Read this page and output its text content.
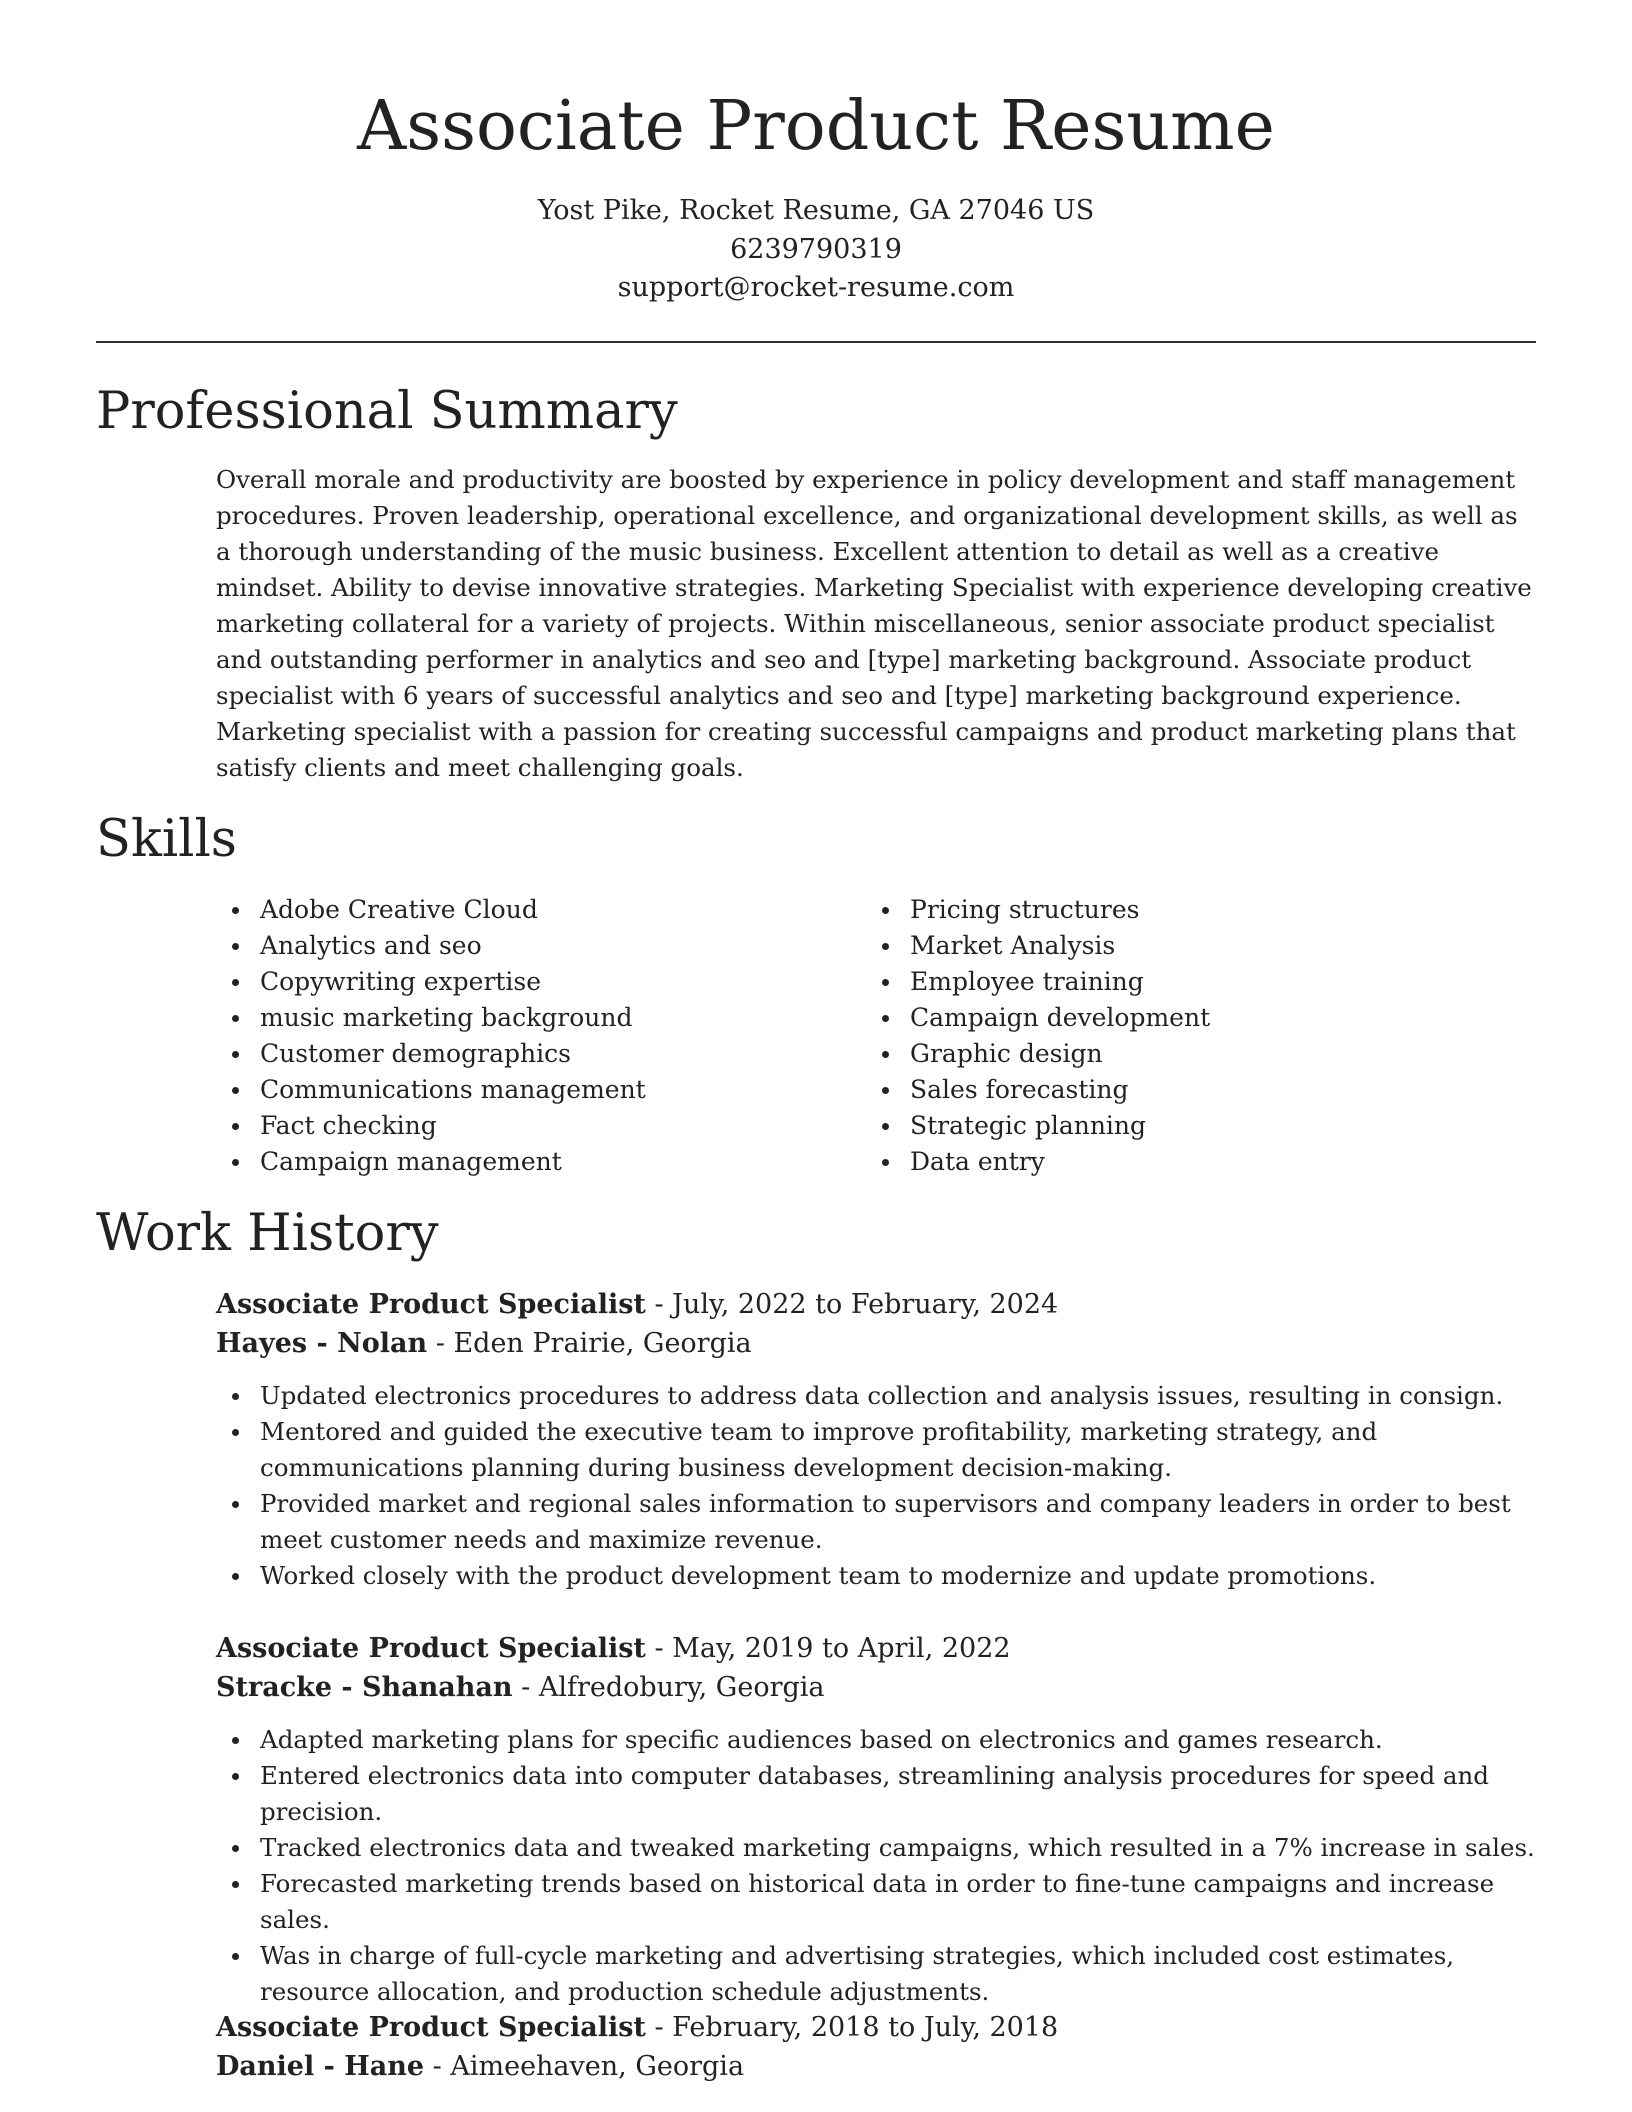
Associate Product Resume
Yost Pike, Rocket Resume, GA 27046 US
6239790319
support@rocket-resume.com
Professional Summary

Overall morale and productivity are boosted by experience in policy development and staff management procedures. Proven leadership, operational excellence, and organizational development skills, as well as a thorough understanding of the music business. Excellent attention to detail as well as a creative mindset. Ability to devise innovative strategies. Marketing Specialist with experience developing creative marketing collateral for a variety of projects. Within miscellaneous, senior associate product specialist and outstanding performer in analytics and seo and [type] marketing background. Associate product specialist with 6 years of successful analytics and seo and [type] marketing background experience. Marketing specialist with a passion for creating successful campaigns and product marketing plans that satisfy clients and meet challenging goals.

Skills
Adobe Creative Cloud
Analytics and seo
Copywriting expertise
music marketing background
Customer demographics
Communications management
Fact checking
Campaign management
Pricing structures
Market Analysis
Employee training
Campaign development
Graphic design
Sales forecasting
Strategic planning
Data entry
Work History
Associate Product Specialist - July, 2022 to February, 2024
Hayes - Nolan - Eden Prairie, Georgia
Updated electronics procedures to address data collection and analysis issues, resulting in consign.
Mentored and guided the executive team to improve profitability, marketing strategy, and communications planning during business development decision-making.
Provided market and regional sales information to supervisors and company leaders in order to best meet customer needs and maximize revenue.
Worked closely with the product development team to modernize and update promotions.
Associate Product Specialist - May, 2019 to April, 2022
Stracke - Shanahan - Alfredobury, Georgia
Adapted marketing plans for specific audiences based on electronics and games research.
Entered electronics data into computer databases, streamlining analysis procedures for speed and precision.
Tracked electronics data and tweaked marketing campaigns, which resulted in a 7% increase in sales.
Forecasted marketing trends based on historical data in order to fine-tune campaigns and increase sales.
Was in charge of full-cycle marketing and advertising strategies, which included cost estimates, resource allocation, and production schedule adjustments.
Associate Product Specialist - February, 2018 to July, 2018
Daniel - Hane - Aimeehaven, Georgia
